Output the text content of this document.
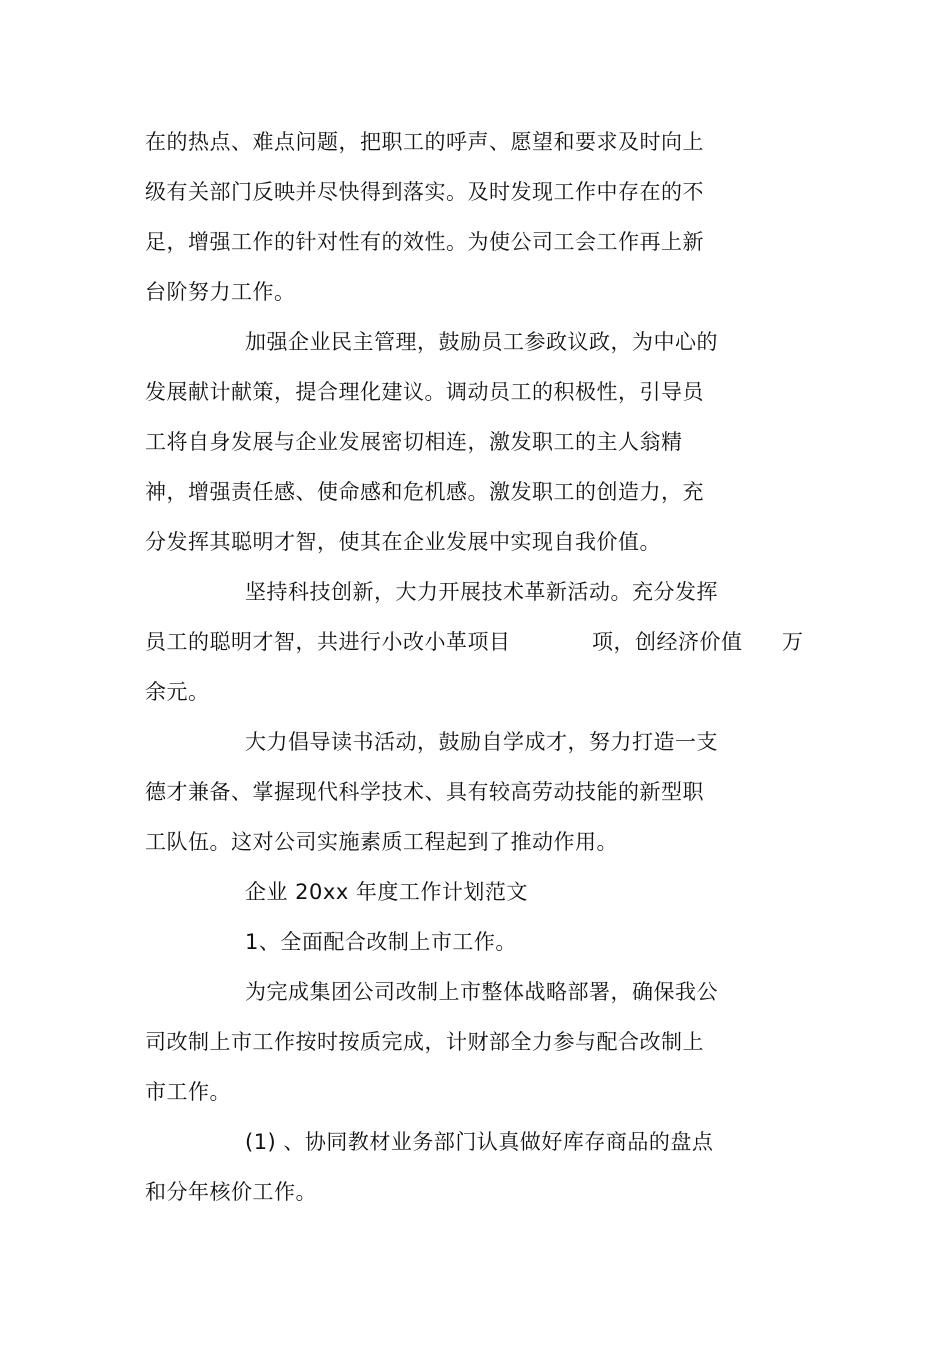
在的热点、难点问题，把职工的呼声、愿望和要求及时向上
级有关部门反映并尽快得到落实。及时发现工作中存在的不
足，增强工作的针对性有的效性。为使公司工会工作再上新
台阶努力工作。
加强企业民主管理，鼓励员工参政议政，为中心的
发展献计献策，提合理化建议。调动员工的积极性，引导员
工将自身发展与企业发展密切相连，激发职工的主人翁精
神，增强责任感、使命感和危机感。激发职工的创造力，充
分发挥其聪明才智，使其在企业发展中实现自我价值。
坚持科技创新，大力开展技术革新活动。充分发挥
员工的聪明才智，共进行小改小革项目	项，创经济价值 万
余元。
大力倡导读书活动，鼓励自学成才，努力打造一支
德才兼备、掌握现代科学技术、具有较高劳动技能的新型职
工队伍。这对公司实施素质工程起到了推动作用。
企业 20xx 年度工作计划范文
1、全面配合改制上市工作。
为完成集团公司改制上市整体战略部署，确保我公
司改制上市工作按时按质完成，计财部全力参与配合改制上
市工作。
(1) 、协同教材业务部门认真做好库存商品的盘点
和分年核价工作。
